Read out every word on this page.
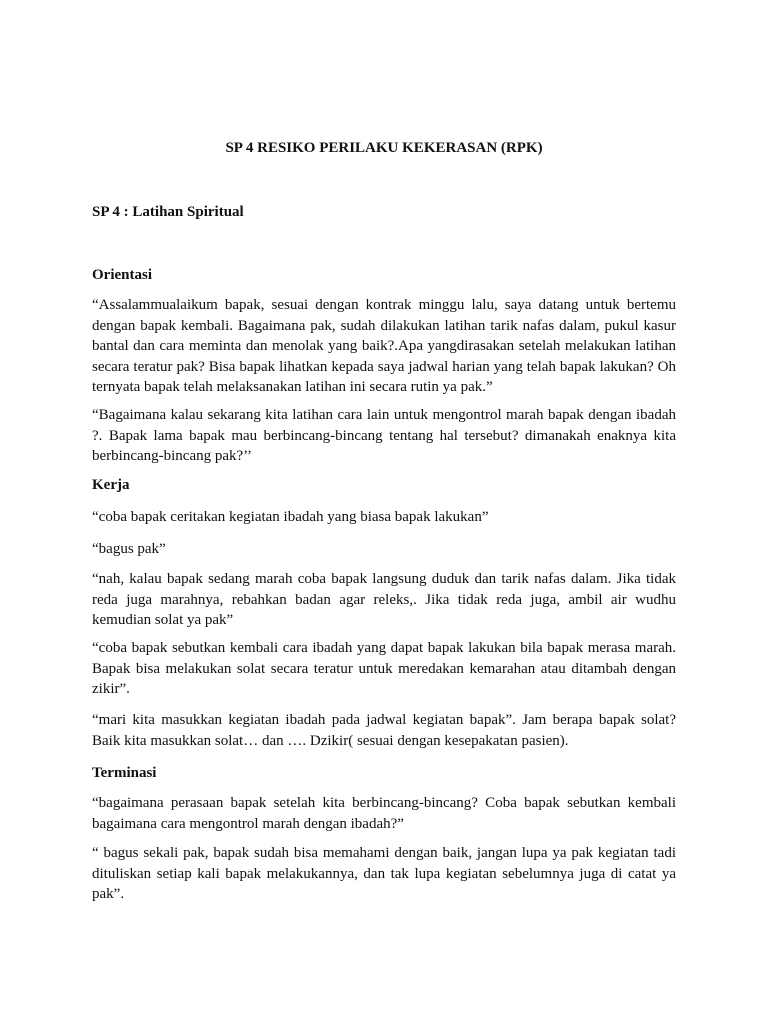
SP 4 RESIKO PERILAKU KEKERASAN (RPK)
SP 4 : Latihan Spiritual
Orientasi
“Assalammualaikum bapak, sesuai dengan kontrak minggu lalu, saya datang untuk bertemu dengan bapak kembali. Bagaimana pak, sudah dilakukan latihan tarik nafas dalam, pukul kasur bantal dan cara meminta dan menolak yang baik?.Apa yangdirasakan setelah melakukan latihan secara teratur pak? Bisa bapak lihatkan kepada saya jadwal harian yang telah bapak lakukan? Oh ternyata bapak telah melaksanakan latihan ini secara rutin ya pak.”
“Bagaimana kalau sekarang kita latihan cara lain untuk mengontrol marah bapak dengan ibadah ?. Bapak lama bapak mau berbincang-bincang tentang hal tersebut? dimanakah enaknya kita berbincang-bincang pak?’’
Kerja
“coba bapak ceritakan kegiatan ibadah yang biasa bapak lakukan”
“bagus pak”
“nah, kalau bapak sedang marah coba bapak langsung duduk dan tarik nafas dalam. Jika tidak reda juga marahnya, rebahkan badan agar releks,. Jika tidak reda juga, ambil air wudhu kemudian solat ya pak”
“coba bapak sebutkan kembali cara ibadah yang dapat bapak lakukan bila bapak merasa marah. Bapak bisa melakukan solat secara teratur untuk meredakan kemarahan atau ditambah dengan zikir”.
“mari kita masukkan kegiatan ibadah pada jadwal kegiatan bapak”. Jam berapa bapak solat? Baik kita masukkan solat… dan …. Dzikir( sesuai dengan kesepakatan pasien).
Terminasi
“bagaimana perasaan bapak setelah kita berbincang-bincang? Coba bapak sebutkan kembali bagaimana cara mengontrol marah dengan ibadah?”
“ bagus sekali pak, bapak sudah bisa memahami dengan baik, jangan lupa ya pak kegiatan tadi dituliskan setiap kali bapak melakukannya, dan tak lupa kegiatan sebelumnya juga di catat ya pak”.
